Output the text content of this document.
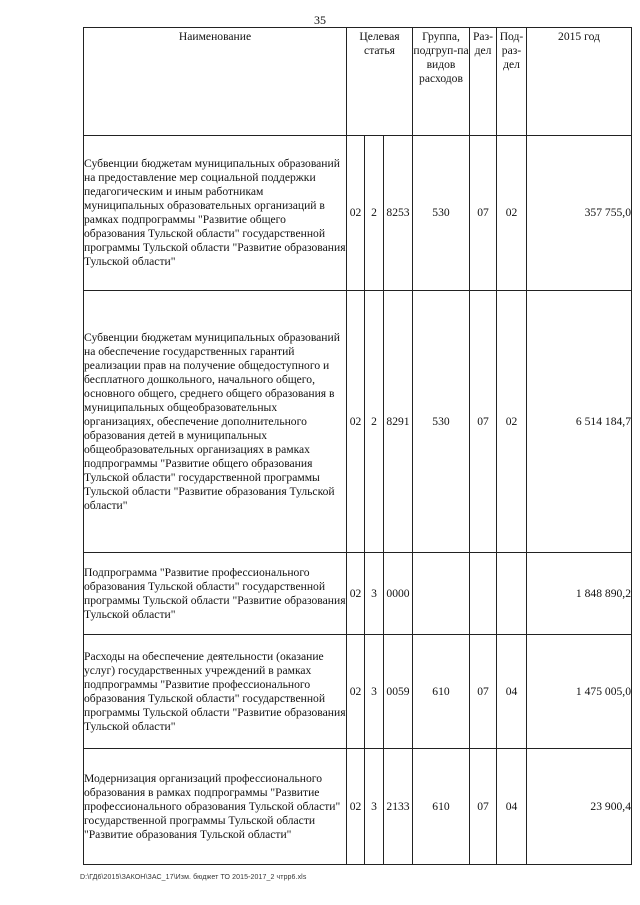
35
Наименование	Целевая статья			Группа, подгруп-па видов расходов	Раз-дел	Под-раз-дел	2015 год
Субвенции бюджетам муниципальных образований на предоставление мер социальной поддержки педагогическим и иным работникам муниципальных образовательных организаций в рамках подпрограммы "Развитие общего образования Тульской области" государственной программы Тульской области "Развитие образования Тульской области"	02	2	8253	530	07	02	357 755,0
Субвенции бюджетам муниципальных образований на обеспечение государственных гарантий реализации прав на получение общедоступного и бесплатного дошкольного, начального общего, основного общего, среднего общего образования в муниципальных общеобразовательных организациях, обеспечение дополнительного образования детей в муниципальных общеобразовательных организациях в рамках подпрограммы "Развитие общего образования Тульской области" государственной программы Тульской области "Развитие образования Тульской области"	02	2	8291	530	07	02	6 514 184,7
Подпрограмма "Развитие профессионального образования Тульской области" государственной программы Тульской области "Развитие образования Тульской области"	02	3	0000				1 848 890,2
Расходы на обеспечение деятельности (оказание услуг) государственных учреждений в рамках подпрограммы "Развитие профессионального образования Тульской области" государственной программы Тульской области "Развитие образования Тульской области"	02	3	0059	610	07	04	1 475 005,0
Модернизация организаций профессионального образования в рамках подпрограммы "Развитие профессионального образования Тульской области" государственной программы Тульской области "Развитие образования Тульской области"	02	3	2133	610	07	04	23 900,4
D:\ГД6\2015\ЗАКОН\ЗАС_17\Изм. бюджет ТО 2015-2017_2 чтрр6.xls
